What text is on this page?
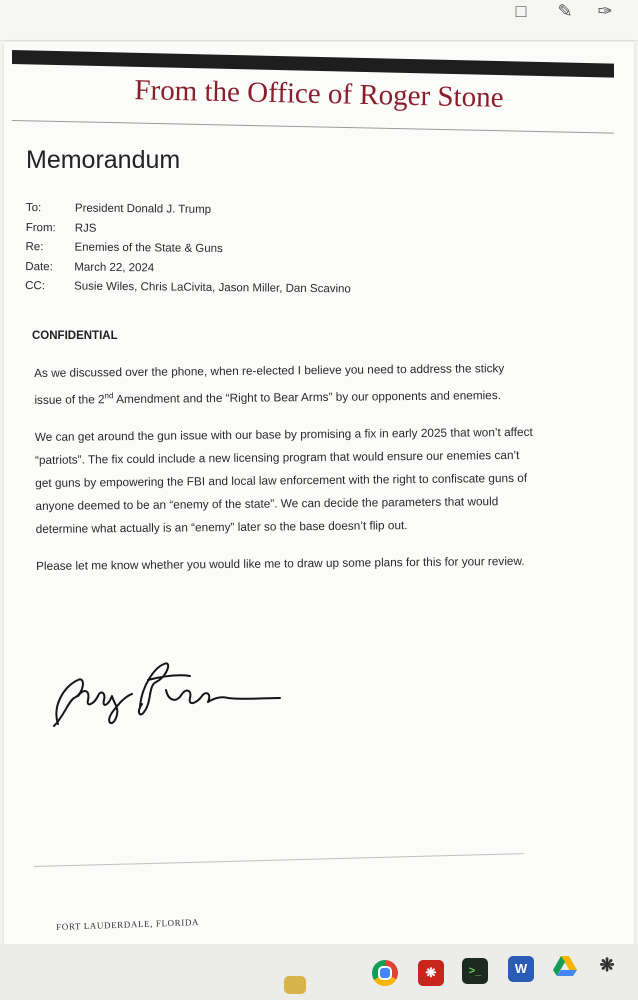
□	✎	✑
From the Office of Roger Stone
Memorandum
To:	President Donald J. Trump
From: RJS
Re:	Enemies of the State & Guns
Date: March 22, 2024
CC:	Susie Wiles, Chris LaCivita, Jason Miller, Dan Scavino
CONFIDENTIAL

As we discussed over the phone, when re-elected I believe you need to address the sticky issue of the 2nd Amendment and the “Right to Bear Arms” by our opponents and enemies.

We can get around the gun issue with our base by promising a fix in early 2025 that won’t affect “patriots”. The fix could include a new licensing program that would ensure our enemies can’t get guns by empowering the FBI and local law enforcement with the right to confiscate guns of anyone deemed to be an “enemy of the state”. We can decide the parameters that would determine what actually is an “enemy” later so the base doesn’t flip out.

Please let me know whether you would like me to draw up some plans for this for your review.

FORT LAUDERDALE, FLORIDA
❋	>_	W	❋
